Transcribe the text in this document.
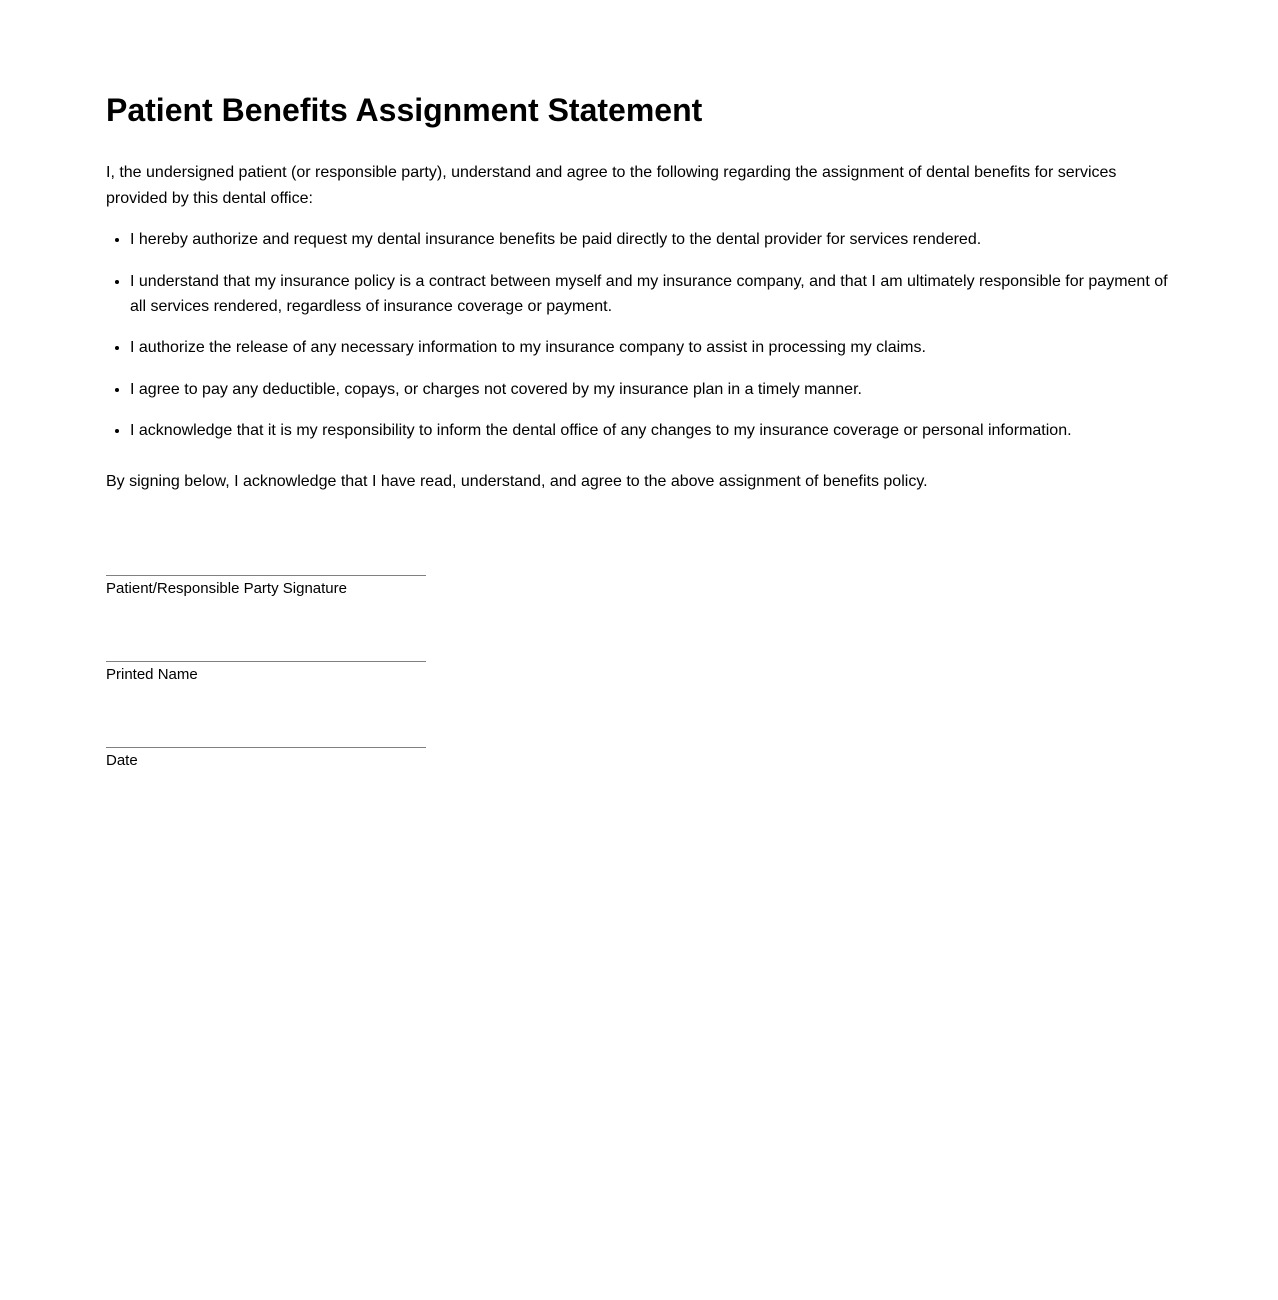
Patient Benefits Assignment Statement

I, the undersigned patient (or responsible party), understand and agree to the following regarding the assignment of dental benefits for services provided by this dental office:

• I hereby authorize and request my dental insurance benefits be paid directly to the dental provider for services rendered.
• I understand that my insurance policy is a contract between myself and my insurance company, and that I am ultimately responsible for payment of all services rendered, regardless of insurance coverage or payment.
• I authorize the release of any necessary information to my insurance company to assist in processing my claims.
• I agree to pay any deductible, copays, or charges not covered by my insurance plan in a timely manner.
• I acknowledge that it is my responsibility to inform the dental office of any changes to my insurance coverage or personal information.

By signing below, I acknowledge that I have read, understand, and agree to the above assignment of benefits policy.

Patient/Responsible Party Signature
Printed Name
Date
